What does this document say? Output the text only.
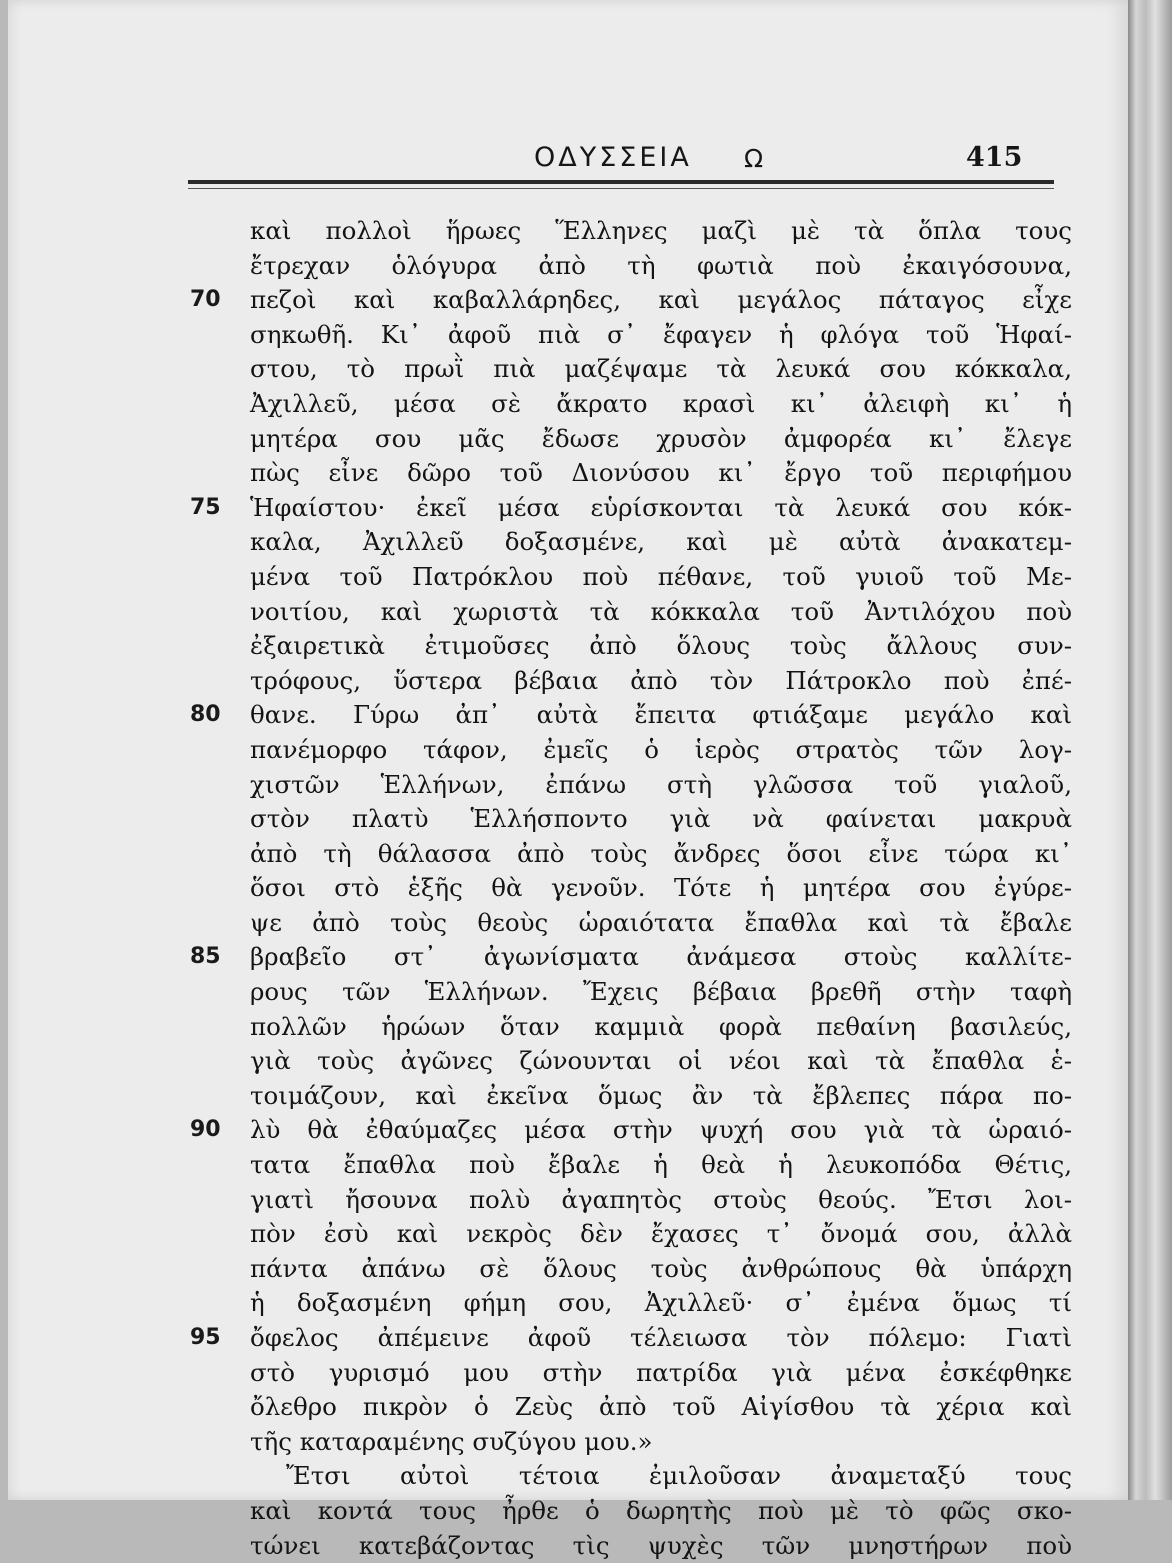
ΟΔΥΣΣΕΙΑ Ω	415
καὶ πολλοὶ ἥρωες Ἕλληνες μαζὶ μὲ τὰ ὅπλα τους
ἔτρεχαν ὁλόγυρα ἀπὸ τὴ φωτιὰ ποὺ ἐκαιγόσουνα,
70	πεζοὶ καὶ καβαλλάρηδες, καὶ μεγάλος πάταγος εἶχε
σηκωθῆ. Κι᾿ ἀφοῦ πιὰ σ᾿ ἔφαγεν ἡ φλόγα τοῦ Ἡφαί-
στου, τὸ πρωῒ πιὰ μαζέψαμε τὰ λευκά σου κόκκαλα,
Ἀχιλλεῦ, μέσα σὲ ἄκρατο κρασὶ κι᾿ ἀλειφὴ κι᾿ ἡ
μητέρα σου μᾶς ἔδωσε χρυσὸν ἀμφορέα κι᾿ ἔλεγε
πὼς εἶνε δῶρο τοῦ Διονύσου κι᾿ ἔργο τοῦ περιφήμου
75	Ἡφαίστου· ἐκεῖ μέσα εὑρίσκονται τὰ λευκά σου κόκ-
καλα, Ἀχιλλεῦ δοξασμένε, καὶ μὲ αὐτὰ ἀνακατεμ-
μένα τοῦ Πατρόκλου ποὺ πέθανε, τοῦ γυιοῦ τοῦ Με-
νοιτίου, καὶ χωριστὰ τὰ κόκκαλα τοῦ Ἀντιλόχου ποὺ
ἐξαιρετικὰ ἐτιμοῦσες ἀπὸ ὅλους τοὺς ἄλλους συν-
τρόφους, ὕστερα βέβαια ἀπὸ τὸν Πάτροκλο ποὺ ἐπέ-
80	θανε. Γύρω ἀπ᾿ αὐτὰ ἔπειτα φτιάξαμε μεγάλο καὶ
πανέμορφο τάφον, ἐμεῖς ὁ ἱερὸς στρατὸς τῶν λογ-
χιστῶν Ἑλλήνων, ἐπάνω στὴ γλῶσσα τοῦ γιαλοῦ,
στὸν πλατὺ Ἑλλήσποντο γιὰ νὰ φαίνεται μακρυὰ
ἀπὸ τὴ θάλασσα ἀπὸ τοὺς ἄνδρες ὅσοι εἶνε τώρα κι᾿
ὅσοι στὸ ἑξῆς θὰ γενοῦν. Τότε ἡ μητέρα σου ἐγύρε-
ψε ἀπὸ τοὺς θεοὺς ὡραιότατα ἔπαθλα καὶ τὰ ἔβαλε
85	βραβεῖο στ᾿ ἀγωνίσματα ἀνάμεσα στοὺς καλλίτε-
ρους τῶν Ἑλλήνων. Ἔχεις βέβαια βρεθῆ στὴν ταφὴ
πολλῶν ἡρώων ὅταν καμμιὰ φορὰ πεθαίνη βασιλεύς,
γιὰ τοὺς ἀγῶνες ζώνουνται οἱ νέοι καὶ τὰ ἔπαθλα ἑ-
τοιμάζουν, καὶ ἐκεῖνα ὅμως ἂν τὰ ἔβλεπες πάρα πο-
90	λὺ θὰ ἐθαύμαζες μέσα στὴν ψυχή σου γιὰ τὰ ὡραιό-
τατα ἔπαθλα ποὺ ἔβαλε ἡ θεὰ ἡ λευκοπόδα Θέτις,
γιατὶ ἤσουνα πολὺ ἀγαπητὸς στοὺς θεούς. Ἔτσι λοι-
πὸν ἐσὺ καὶ νεκρὸς δὲν ἔχασες τ᾿ ὄνομά σου, ἀλλὰ
πάντα ἀπάνω σὲ ὅλους τοὺς ἀνθρώπους θὰ ὑπάρχη
ἡ δοξασμένη φήμη σου, Ἀχιλλεῦ· σ᾿ ἐμένα ὅμως τί
95	ὄφελος ἀπέμεινε ἀφοῦ τέλειωσα τὸν πόλεμο: Γιατὶ
στὸ γυρισμό μου στὴν πατρίδα γιὰ μένα ἐσκέφθηκε
ὄλεθρο πικρὸν ὁ Ζεὺς ἀπὸ τοῦ Αἰγίσθου τὰ χέρια καὶ
τῆς καταραμένης συζύγου μου.»
Ἔτσι αὐτοὶ τέτοια ἐμιλοῦσαν ἀναμεταξύ τους
καὶ κοντά τους ἦρθε ὁ δωρητὴς ποὺ μὲ τὸ φῶς σκο-
τώνει κατεβάζοντας τὶς ψυχὲς τῶν μνηστήρων ποὺ
